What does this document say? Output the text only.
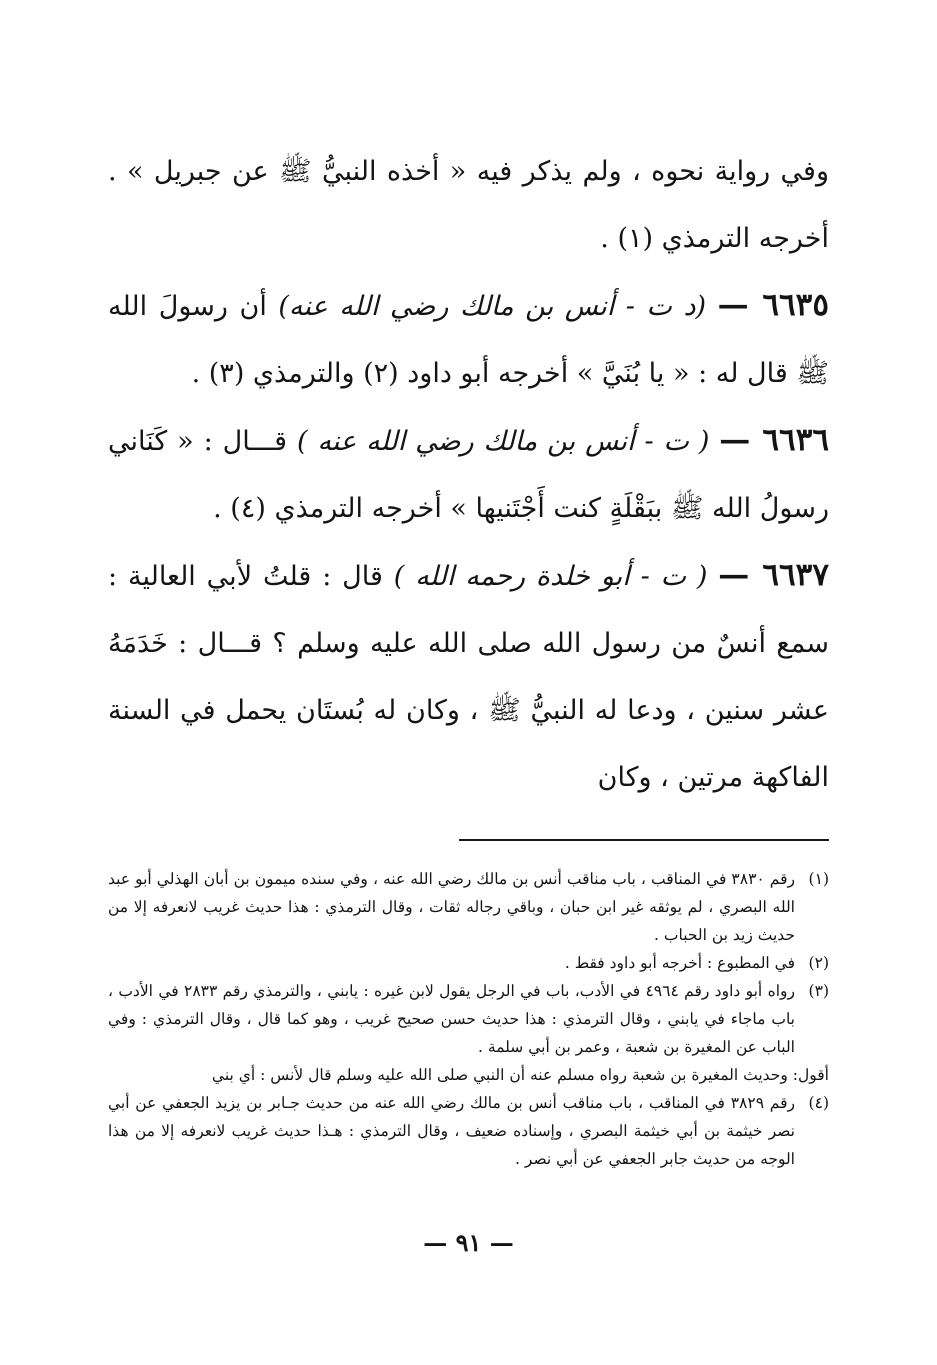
وفي رواية نحوه ، ولم يذكر فيه « أخذه النبيُّ ﷺ عن جبريل » . أخرجه الترمذي (١) .

٦٦٣٥ — (د ت - أنس بن مالك رضي الله عنه) أن رسولَ الله ﷺ قال له : « يا بُنَيَّ » أخرجه أبو داود (٢) والترمذي (٣) .

٦٦٣٦ — ( ت - أنس بن مالك رضي الله عنه ) قـــال : « كَنَاني رسولُ الله ﷺ ببَقْلَةٍ كنت أَجْتَنيها » أخرجه الترمذي (٤) .

٦٦٣٧ — ( ت - أبو خلدة رحمه الله ) قال : قلتُ لأبي العالية : سمع أنسٌ من رسول الله صلى الله عليه وسلم ؟ قـــال : خَدَمَهُ عشر سنين ، ودعا له النبيُّ ﷺ ، وكان له بُستَان يحمل في السنة الفاكهة مرتين ، وكان

(١)
رقم ٣٨٣٠ في المناقب ، باب مناقب أنس بن مالك رضي الله عنه ، وفي سنده ميمون بن أبان الهذلي أبو عبد الله البصري ، لم يوثقه غير ابن حبان ، وباقي رجاله ثقات ، وقال الترمذي : هذا حديث غريب لانعرفه إلا من حديث زيد بن الحباب .
(٢)
في المطبوع : أخرجه أبو داود فقط .
(٣)
رواه أبو داود رقم ٤٩٦٤ في الأدب، باب في الرجل يقول لابن غيره : يابني ، والترمذي رقم ٢٨٣٣ في الأدب ، باب ماجاء في يابني ، وقال الترمذي : هذا حديث حسن صحيح غريب ، وهو كما قال ، وقال الترمذي : وفي الباب عن المغيرة بن شعبة ، وعمر بن أبي سلمة .
أقول: وحديث المغيرة بن شعبة رواه مسلم عنه أن النبي صلى الله عليه وسلم قال لأنس : أي بني
(٤)
رقم ٣٨٢٩ في المناقب ، باب مناقب أنس بن مالك رضي الله عنه من حديث جـابر بن يزيد الجعفي عن أبي نصر خيثمة بن أبي خيثمة البصري ، وإسناده ضعيف ، وقال الترمذي : هـذا حديث غريب لانعرفه إلا من هذا الوجه من حديث جابر الجعفي عن أبي نصر .
— ٩١ —
